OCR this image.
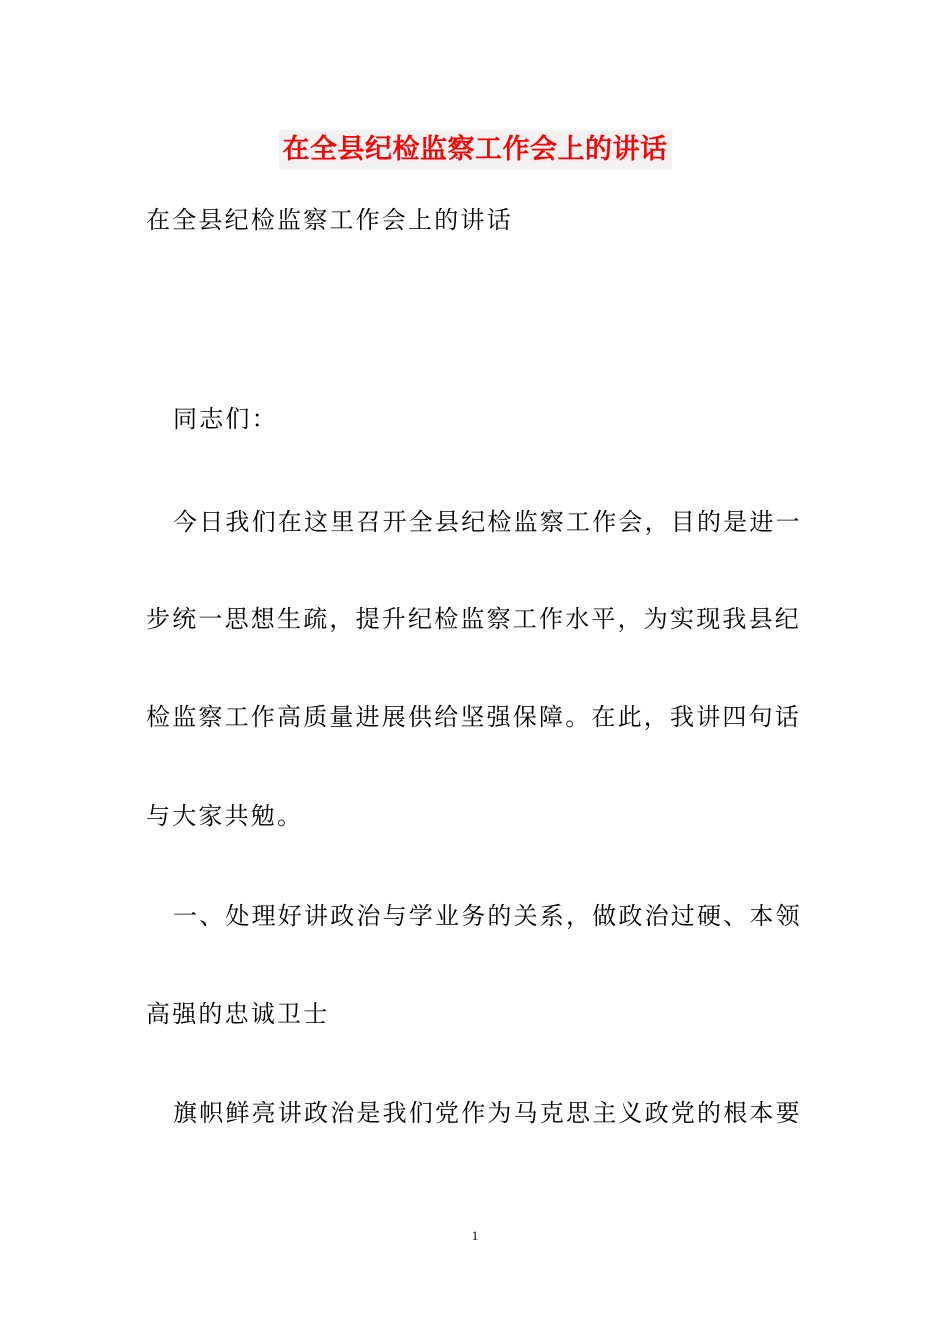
在全县纪检监察工作会上的讲话
在全县纪检监察工作会上的讲话
同志们：
今日我们在这里召开全县纪检监察工作会，目的是进一
步统一思想生疏，提升纪检监察工作水平，为实现我县纪
检监察工作高质量进展供给坚强保障。在此，我讲四句话
与大家共勉。
一、处理好讲政治与学业务的关系，做政治过硬、本领
高强的忠诚卫士
旗帜鲜亮讲政治是我们党作为马克思主义政党的根本要
1
